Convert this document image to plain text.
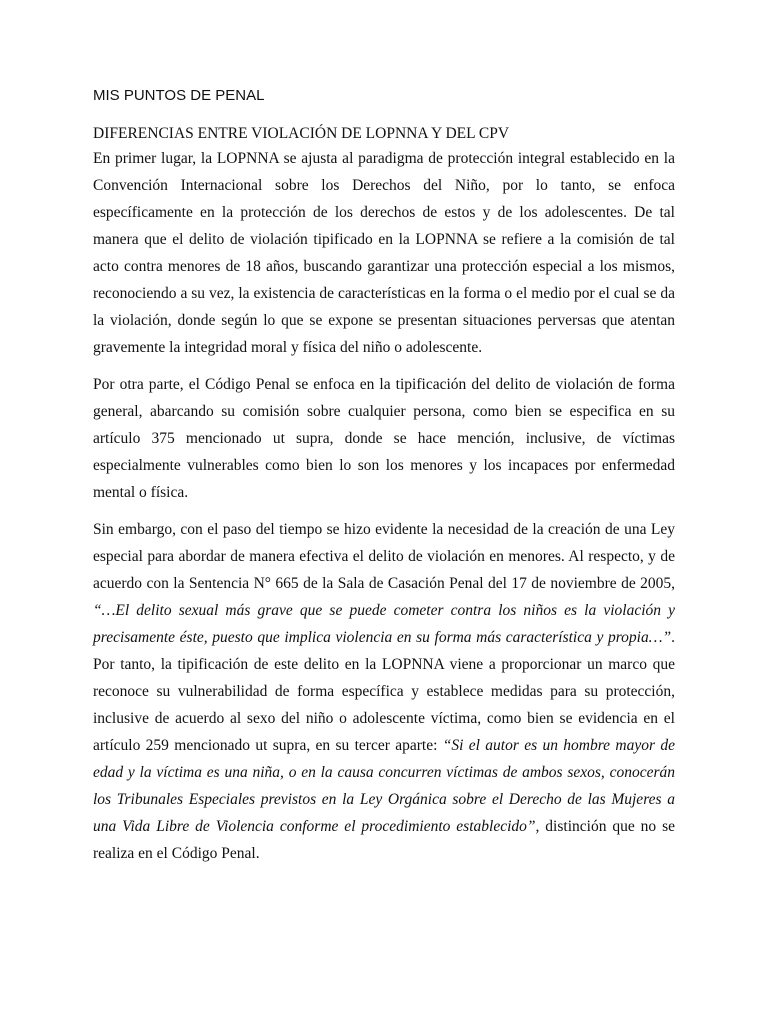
MIS PUNTOS DE PENAL
DIFERENCIAS ENTRE VIOLACIÓN DE LOPNNA Y DEL CPV

En primer lugar, la LOPNNA se ajusta al paradigma de protección integral establecido en la Convención Internacional sobre los Derechos del Niño, por lo tanto, se enfoca específicamente en la protección de los derechos de estos y de los adolescentes. De tal manera que el delito de violación tipificado en la LOPNNA se refiere a la comisión de tal acto contra menores de 18 años, buscando garantizar una protección especial a los mismos, reconociendo a su vez, la existencia de características en la forma o el medio por el cual se da la violación, donde según lo que se expone se presentan situaciones perversas que atentan gravemente la integridad moral y física del niño o adolescente.

Por otra parte, el Código Penal se enfoca en la tipificación del delito de violación de forma general, abarcando su comisión sobre cualquier persona, como bien se especifica en su artículo 375 mencionado ut supra, donde se hace mención, inclusive, de víctimas especialmente vulnerables como bien lo son los menores y los incapaces por enfermedad mental o física.

Sin embargo, con el paso del tiempo se hizo evidente la necesidad de la creación de una Ley especial para abordar de manera efectiva el delito de violación en menores. Al respecto, y de acuerdo con la Sentencia N° 665 de la Sala de Casación Penal del 17 de noviembre de 2005, “…El delito sexual más grave que se puede cometer contra los niños es la violación y precisamente éste, puesto que implica violencia en su forma más característica y propia…”. Por tanto, la tipificación de este delito en la LOPNNA viene a proporcionar un marco que reconoce su vulnerabilidad de forma específica y establece medidas para su protección, inclusive de acuerdo al sexo del niño o adolescente víctima, como bien se evidencia en el artículo 259 mencionado ut supra, en su tercer aparte: “Si el autor es un hombre mayor de edad y la víctima es una niña, o en la causa concurren víctimas de ambos sexos, conocerán los Tribunales Especiales previstos en la Ley Orgánica sobre el Derecho de las Mujeres a una Vida Libre de Violencia conforme el procedimiento establecido”, distinción que no se realiza en el Código Penal.
